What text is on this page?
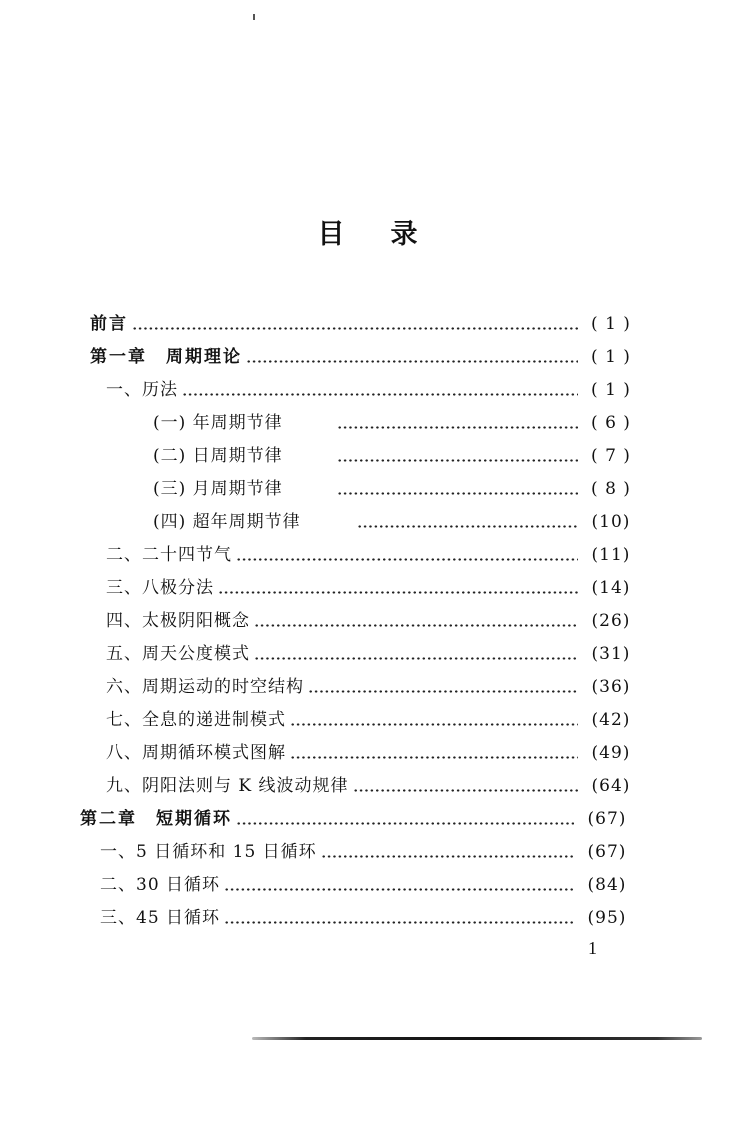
目 录
前言	( 1 )
第一章　周期理论	( 1 )
一、历法	( 1 )
(一) 年周期节律	( 6 )
(二) 日周期节律	( 7 )
(三) 月周期节律	( 8 )
(四) 超年周期节律	(10)
二、二十四节气	(11)
三、八极分法	(14)
四、太极阴阳概念	(26)
五、周天公度模式	(31)
六、周期运动的时空结构	(36)
七、全息的递进制模式	(42)
八、周期循环模式图解	(49)
九、阴阳法则与 K 线波动规律	(64)
第二章　短期循环	(67)
一、5 日循环和 15 日循环	(67)
二、30 日循环	(84)
三、45 日循环	(95)
1
